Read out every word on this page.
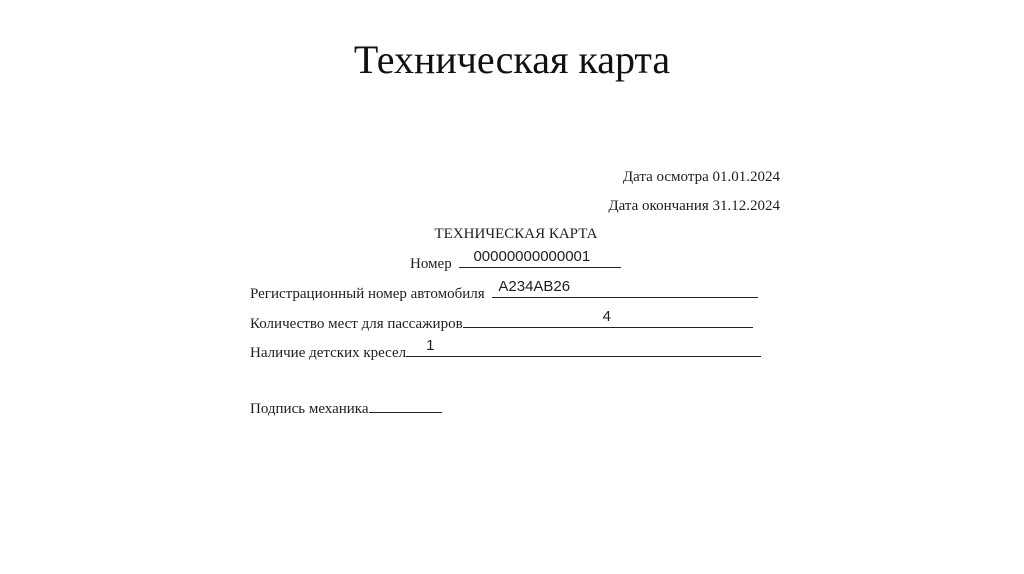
Техническая карта
Дата осмотра 01.01.2024
Дата окончания 31.12.2024
ТЕХНИЧЕСКАЯ КАРТА
Номер 00000000000001
Регистрационный номер автомобиля А234АВ26
Количество мест для пассажиров	4
Наличие детских кресел 1
Подпись механика
